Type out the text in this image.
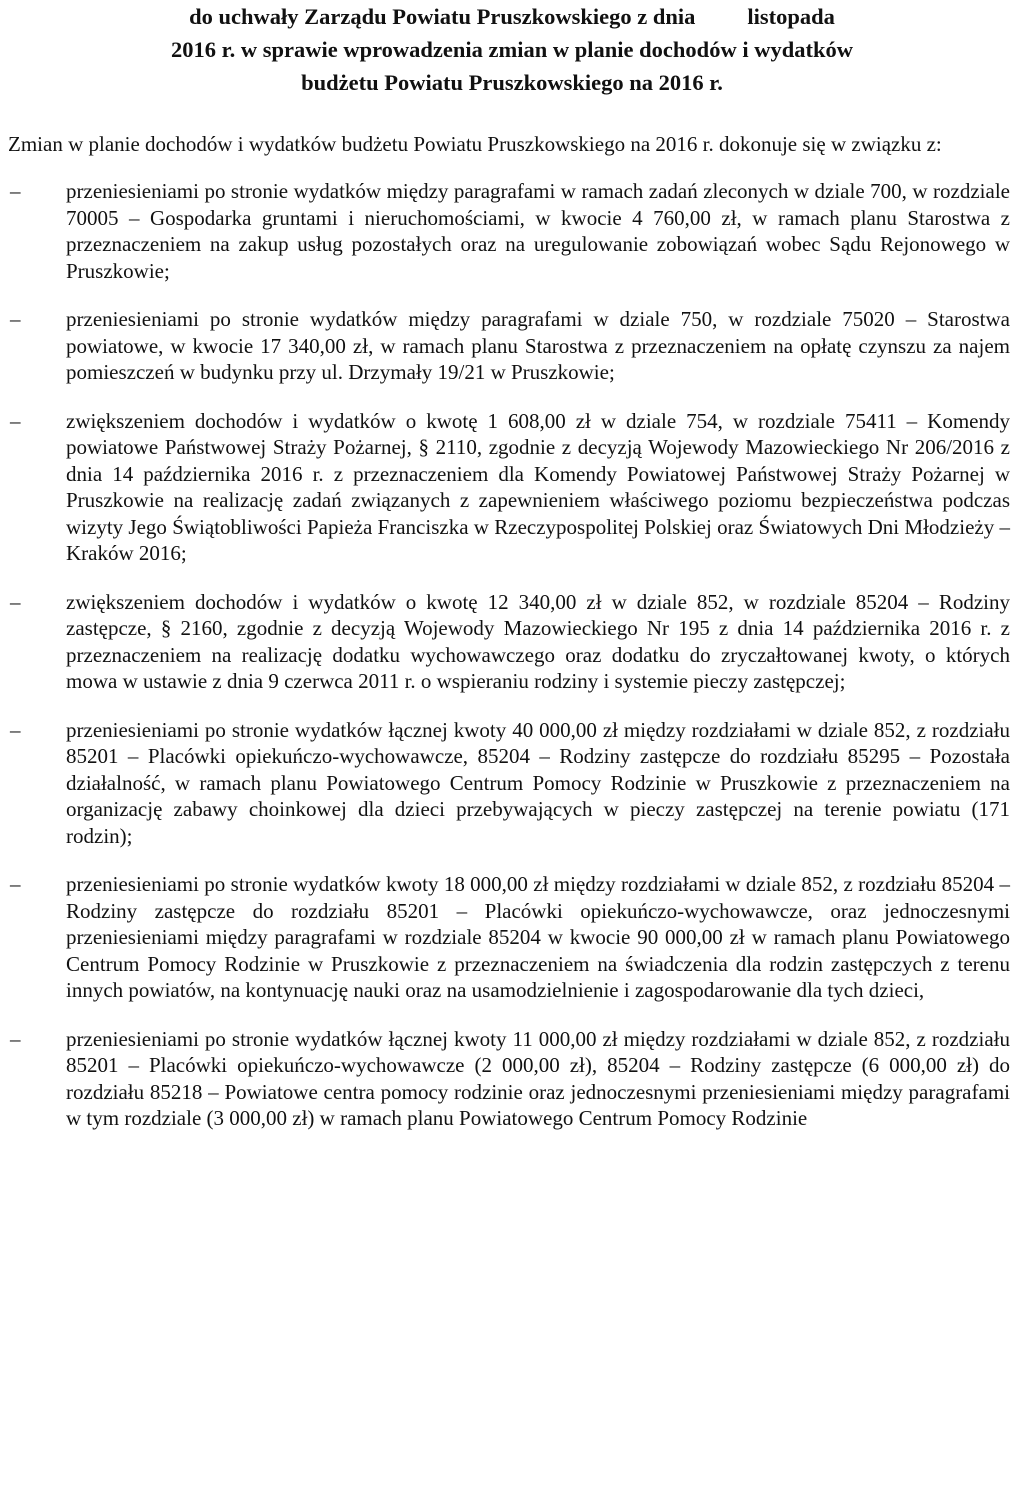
do uchwały Zarządu Powiatu Pruszkowskiego z dnia listopada
2016 r. w sprawie wprowadzenia zmian w planie dochodów i wydatków
budżetu Powiatu Pruszkowskiego na 2016 r.

Zmian w planie dochodów i wydatków budżetu Powiatu Pruszkowskiego na 2016 r. dokonuje się w związku z:

– przeniesieniami po stronie wydatków między paragrafami w ramach zadań zleconych w dziale 700, w rozdziale 70005 – Gospodarka gruntami i nieruchomościami, w kwocie 4 760,00 zł, w ramach planu Starostwa z przeznaczeniem na zakup usług pozostałych oraz na uregulowanie zobowiązań wobec Sądu Rejonowego w Pruszkowie;
– przeniesieniami po stronie wydatków między paragrafami w dziale 750, w rozdziale 75020 – Starostwa powiatowe, w kwocie 17 340,00 zł, w ramach planu Starostwa z przeznaczeniem na opłatę czynszu za najem pomieszczeń w budynku przy ul. Drzymały 19/21 w Pruszkowie;
– zwiększeniem dochodów i wydatków o kwotę 1 608,00 zł w dziale 754, w rozdziale 75411 – Komendy powiatowe Państwowej Straży Pożarnej, § 2110, zgodnie z decyzją Wojewody Mazowieckiego Nr 206/2016 z dnia 14 października 2016 r. z przeznaczeniem dla Komendy Powiatowej Państwowej Straży Pożarnej w Pruszkowie na realizację zadań związanych z zapewnieniem właściwego poziomu bezpieczeństwa podczas wizyty Jego Świątobliwości Papieża Franciszka w Rzeczypospolitej Polskiej oraz Światowych Dni Młodzieży – Kraków 2016;
– zwiększeniem dochodów i wydatków o kwotę 12 340,00 zł w dziale 852, w rozdziale 85204 – Rodziny zastępcze, § 2160, zgodnie z decyzją Wojewody Mazowieckiego Nr 195 z dnia 14 października 2016 r. z przeznaczeniem na realizację dodatku wychowawczego oraz dodatku do zryczałtowanej kwoty, o których mowa w ustawie z dnia 9 czerwca 2011 r. o wspieraniu rodziny i systemie pieczy zastępczej;
– przeniesieniami po stronie wydatków łącznej kwoty 40 000,00 zł między rozdziałami w dziale 852, z rozdziału 85201 – Placówki opiekuńczo-wychowawcze, 85204 – Rodziny zastępcze do rozdziału 85295 – Pozostała działalność, w ramach planu Powiatowego Centrum Pomocy Rodzinie w Pruszkowie z przeznaczeniem na organizację zabawy choinkowej dla dzieci przebywających w pieczy zastępczej na terenie powiatu (171 rodzin);
– przeniesieniami po stronie wydatków kwoty 18 000,00 zł między rozdziałami w dziale 852, z rozdziału 85204 – Rodziny zastępcze do rozdziału 85201 – Placówki opiekuńczo-wychowawcze, oraz jednoczesnymi przeniesieniami między paragrafami w rozdziale 85204 w kwocie 90 000,00 zł w ramach planu Powiatowego Centrum Pomocy Rodzinie w Pruszkowie z przeznaczeniem na świadczenia dla rodzin zastępczych z terenu innych powiatów, na kontynuację nauki oraz na usamodzielnienie i zagospodarowanie dla tych dzieci,
– przeniesieniami po stronie wydatków łącznej kwoty 11 000,00 zł między rozdziałami w dziale 852, z rozdziału 85201 – Placówki opiekuńczo-wychowawcze (2 000,00 zł), 85204 – Rodziny zastępcze (6 000,00 zł) do rozdziału 85218 – Powiatowe centra pomocy rodzinie oraz jednoczesnymi przeniesieniami między paragrafami w tym rozdziale (3 000,00 zł) w ramach planu Powiatowego Centrum Pomocy Rodzinie
